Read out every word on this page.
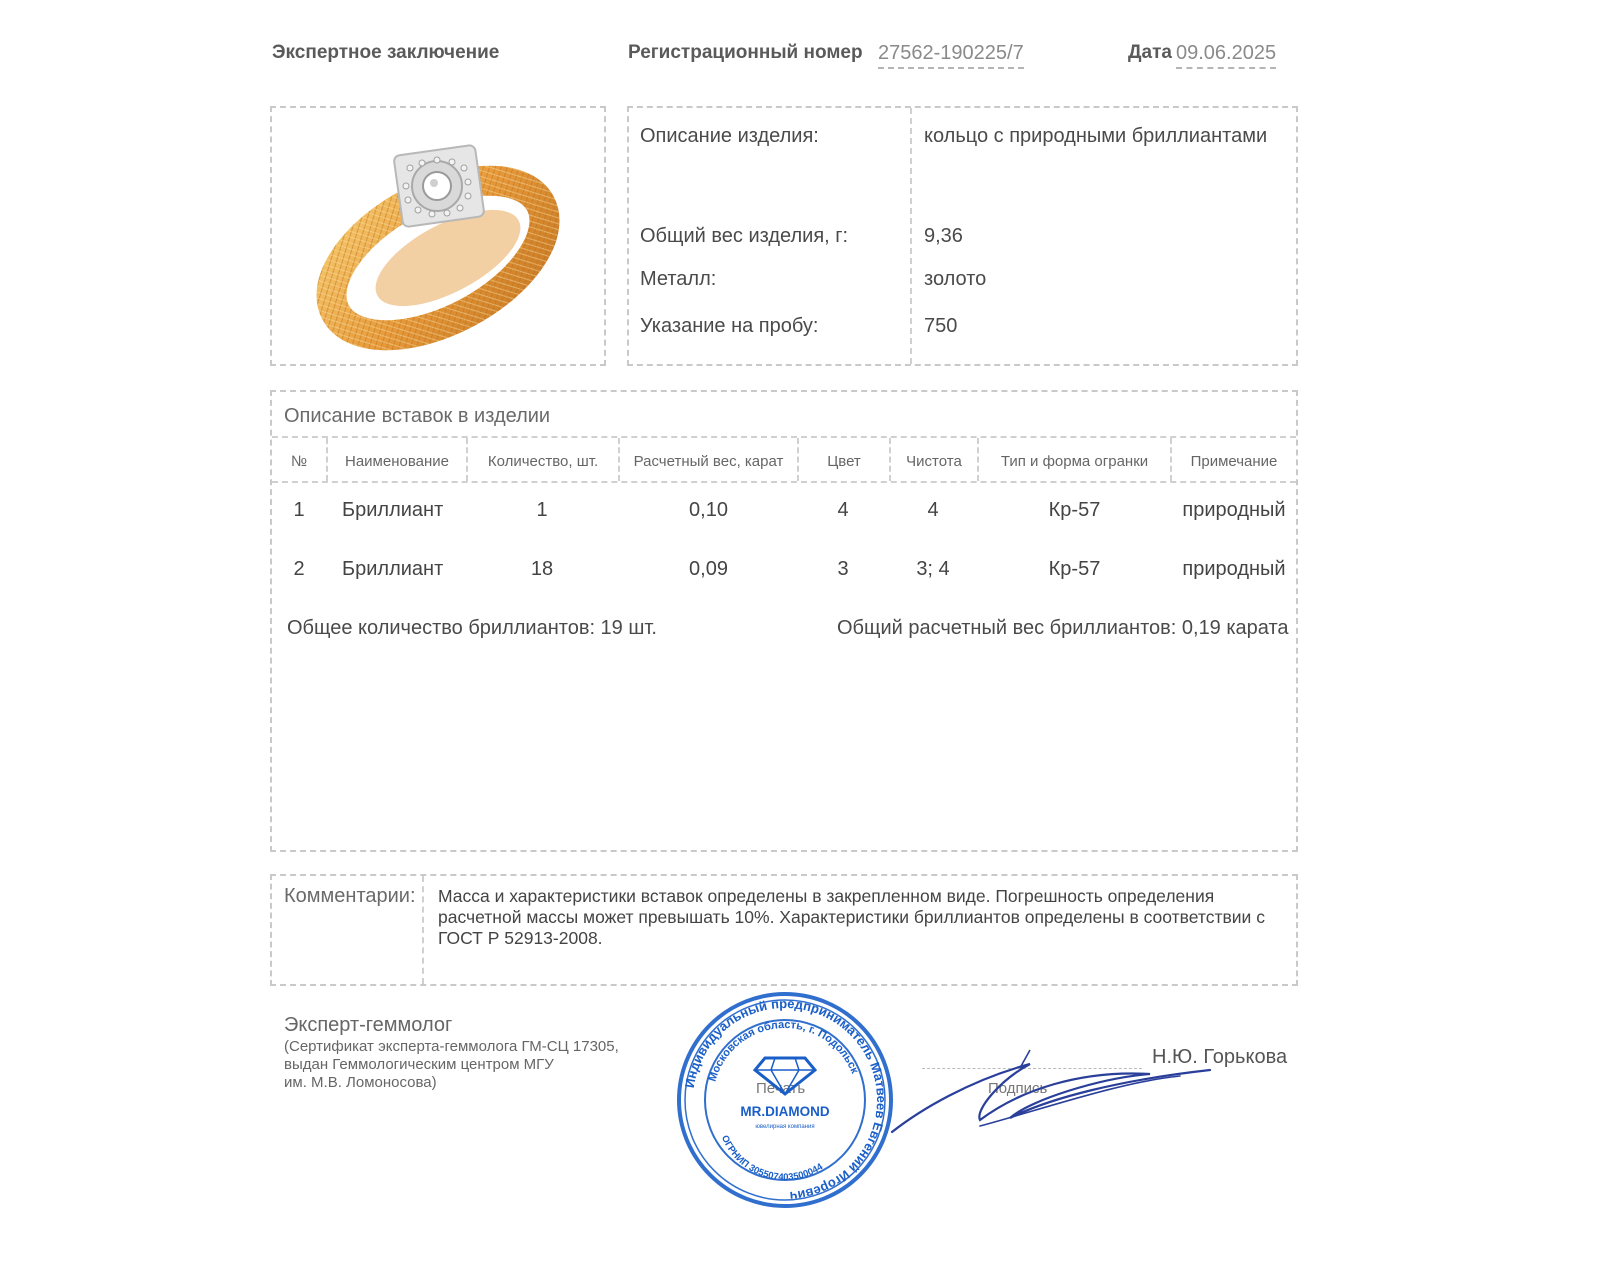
Экспертное заключение	Регистрационный номер 27562-190225/7	Дата 09.06.2025
Описание изделия:	кольцо с природными бриллиантами
Общий вес изделия, г:	9,36
Металл:	золото
Указание на пробу:	750
Описание вставок в изделии
№	Наименование	Количество, шт.	Расчетный вес, карат	Цвет	Чистота	Тип и форма огранки	Примечание
1	Бриллиант	1	0,10	4	4	Кр-57	природный
2	Бриллиант	18	0,09	3	3; 4	Кр-57	природный
Общее количество бриллиантов: 19 шт.	Общий расчетный вес бриллиантов: 0,19 карата
Комментарии: Масса и характеристики вставок определены в закрепленном виде. Погрешность определения расчетной массы может превышать 10%. Характеристики бриллиантов определены в соответствии с ГОСТ Р 52913-2008.
Эксперт-геммолог
(Сертификат эксперта-геммолога ГМ-СЦ 17305,
выдан Геммологическим центром МГУ
им. М.В. Ломоносова)	Печать	Подпись
Н.Ю. Горькова
Индивидуальный предприниматель Матвеев Евгений Игоревич
Московская область, г. Подольск
ОГРНИП 305507403500044
MR.DIAMOND
ювелирная компания
